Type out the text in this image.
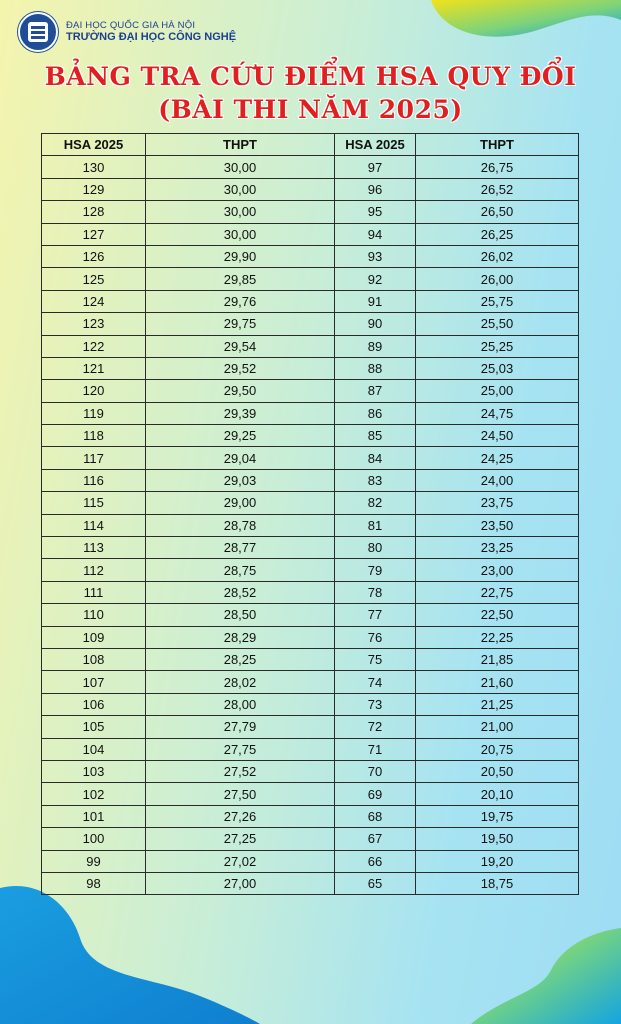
ĐẠI HỌC QUỐC GIA HÀ NỘI
TRƯỜNG ĐẠI HỌC CÔNG NGHỆ
BẢNG TRA CỨU ĐIỂM HSA QUY ĐỔI
(BÀI THI NĂM 2025)
HSA 2025	THPT	HSA 2025	THPT
130	30,00	97	26,75
129	30,00	96	26,52
128	30,00	95	26,50
127	30,00	94	26,25
126	29,90	93	26,02
125	29,85	92	26,00
124	29,76	91	25,75
123	29,75	90	25,50
122	29,54	89	25,25
121	29,52	88	25,03
120	29,50	87	25,00
119	29,39	86	24,75
118	29,25	85	24,50
117	29,04	84	24,25
116	29,03	83	24,00
115	29,00	82	23,75
114	28,78	81	23,50
113	28,77	80	23,25
112	28,75	79	23,00
111	28,52	78	22,75
110	28,50	77	22,50
109	28,29	76	22,25
108	28,25	75	21,85
107	28,02	74	21,60
106	28,00	73	21,25
105	27,79	72	21,00
104	27,75	71	20,75
103	27,52	70	20,50
102	27,50	69	20,10
101	27,26	68	19,75
100	27,25	67	19,50
99	27,02	66	19,20
98	27,00	65	18,75
